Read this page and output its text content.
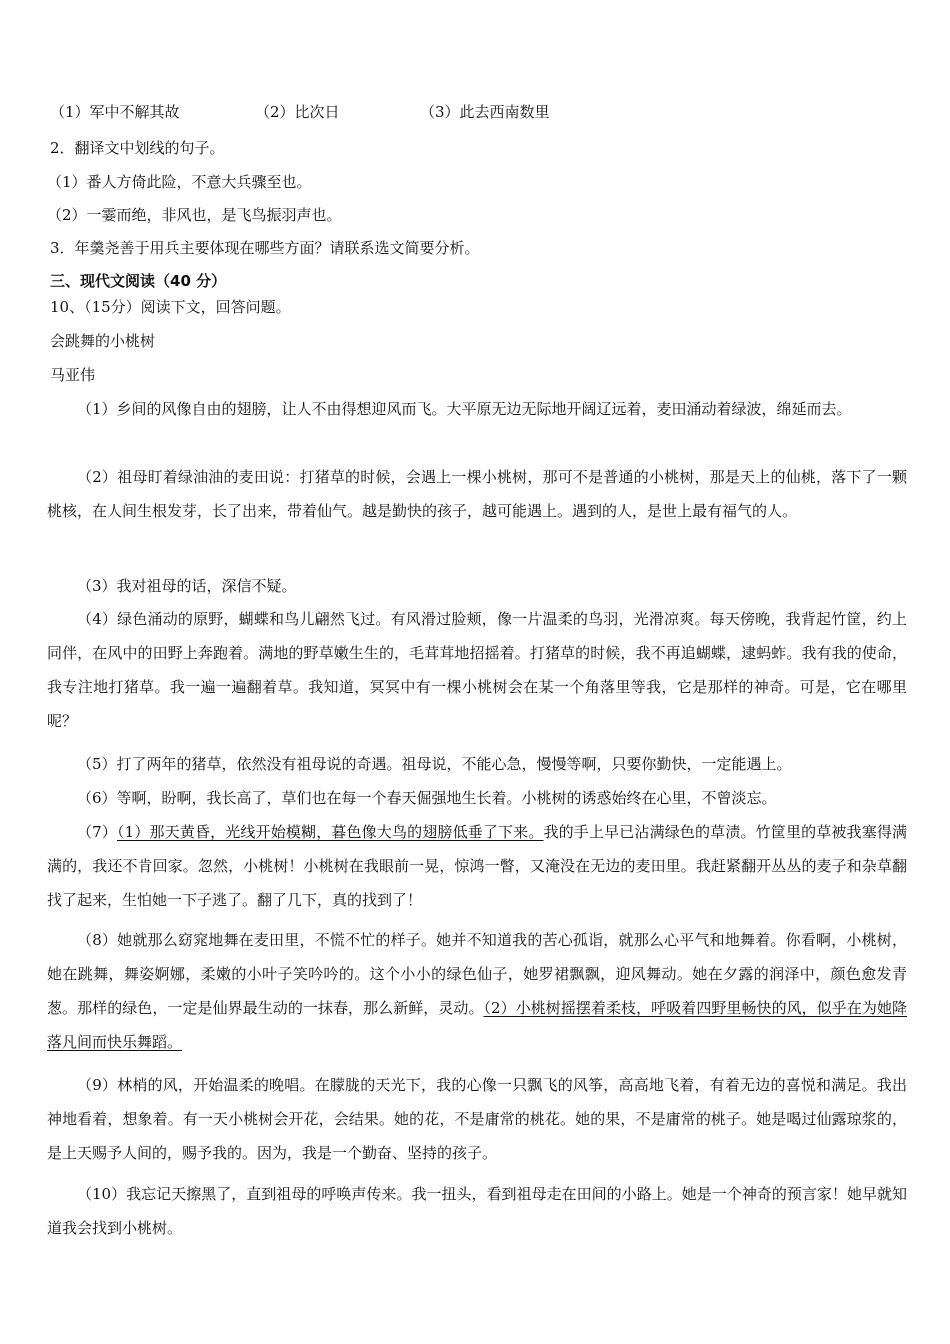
（1）军中不解其故	（2）比次日	（3）此去西南数里
2．翻译文中划线的句子。
（1）番人方倚此险，不意大兵骤至也。
（2）一霎而绝，非风也，是飞鸟振羽声也。
3．年羹尧善于用兵主要体现在哪些方面？请联系选文简要分析。
三、现代文阅读（40 分）
10、（15分）阅读下文，回答问题。
会跳舞的小桃树
马亚伟
（1）乡间的风像自由的翅膀，让人不由得想迎风而飞。大平原无边无际地开阔辽远着，麦田涌动着绿波，绵延而去。
（2）祖母盯着绿油油的麦田说：打猪草的时候，会遇上一棵小桃树，那可不是普通的小桃树，那是天上的仙桃，落下了一颗桃核，在人间生根发芽，长了出来，带着仙气。越是勤快的孩子，越可能遇上。遇到的人，是世上最有福气的人。
（3）我对祖母的话，深信不疑。
（4）绿色涌动的原野，蝴蝶和鸟儿翩然飞过。有风滑过脸颊，像一片温柔的鸟羽，光滑凉爽。每天傍晚，我背起竹筐，约上同伴，在风中的田野上奔跑着。满地的野草嫩生生的，毛茸茸地招摇着。打猪草的时候，我不再追蝴蝶，逮蚂蚱。我有我的使命，我专注地打猪草。我一遍一遍翻着草。我知道，冥冥中有一棵小桃树会在某一个角落里等我，它是那样的神奇。可是，它在哪里呢？
（5）打了两年的猪草，依然没有祖母说的奇遇。祖母说，不能心急，慢慢等啊，只要你勤快，一定能遇上。
（6）等啊，盼啊，我长高了，草们也在每一个春天倔强地生长着。小桃树的诱惑始终在心里，不曾淡忘。
（7）（1）那天黄昏，光线开始模糊，暮色像大鸟的翅膀低垂了下来。我的手上早已沾满绿色的草渍。竹筐里的草被我塞得满满的，我还不肯回家。忽然，小桃树！小桃树在我眼前一晃，惊鸿一瞥，又淹没在无边的麦田里。我赶紧翻开丛丛的麦子和杂草翻找了起来，生怕她一下子逃了。翻了几下，真的找到了！
（8）她就那么窈窕地舞在麦田里，不慌不忙的样子。她并不知道我的苦心孤诣，就那么心平气和地舞着。你看啊，小桃树，她在跳舞，舞姿婀娜，柔嫩的小叶子笑吟吟的。这个小小的绿色仙子，她罗裙飘飘，迎风舞动。她在夕露的润泽中，颜色愈发青葱。那样的绿色，一定是仙界最生动的一抹春，那么新鲜，灵动。（2）小桃树摇摆着柔枝，呼吸着四野里畅快的风，似乎在为她降落凡间而快乐舞蹈。
（9）林梢的风，开始温柔的晚唱。在朦胧的天光下，我的心像一只飘飞的风筝，高高地飞着，有着无边的喜悦和满足。我出神地看着，想象着。有一天小桃树会开花，会结果。她的花，不是庸常的桃花。她的果，不是庸常的桃子。她是喝过仙露琼浆的，是上天赐予人间的，赐予我的。因为，我是一个勤奋、坚持的孩子。
（10）我忘记天擦黑了，直到祖母的呼唤声传来。我一扭头，看到祖母走在田间的小路上。她是一个神奇的预言家！她早就知道我会找到小桃树。
